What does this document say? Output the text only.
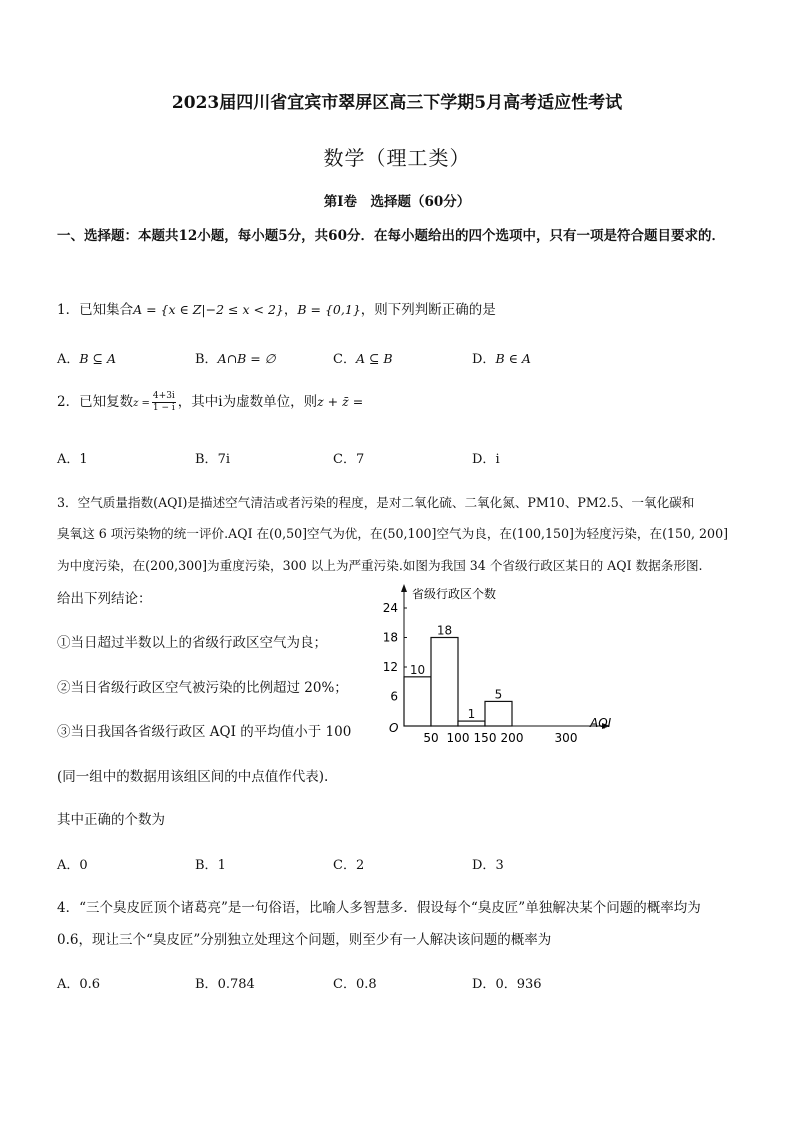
2023届四川省宜宾市翠屏区高三下学期5月高考适应性考试
数学（理工类）
第I卷　选择题（60分）
一、选择题：本题共12小题，每小题5分，共60分．在每小题给出的四个选项中，只有一项是符合题目要求的．
1．已知集合A = {x ∈ Z|−2 ≤ x < 2}，B = {0,1}，则下列判断正确的是
A．B ⊆ A	B．A∩B = ∅	C．A ⊆ B	D．B ∈ A
2．已知复数$z = \frac{4+3i}{1 - i}$ ，其中i为虚数单位，则z + z̄ =
A．1	B．7i	C．7	D．i
3．空气质量指数(AQI)是描述空气清洁或者污染的程度，是对二氧化硫、二氧化氮、PM10、PM2.5、一氧化碳和
臭氧这 6 项污染物的统一评价.AQI 在(0,50]空气为优，在(50,100]空气为良，在(100,150]为轻度污染，在(150, 200]
为中度污染，在(200,300]为重度污染，300 以上为严重污染.如图为我国 34 个省级行政区某日的 AQI 数据条形图.
给出下列结论：
①当日超过半数以上的省级行政区空气为良；
②当日省级行政区空气被污染的比例超过 20%；
③当日我国各省级行政区 AQI 的平均值小于 100
(同一组中的数据用该组区间的中点值作代表).
其中正确的个数为
A．0	B．1	C．2	D．3
省级行政区个数
AQI
O
6
12
18
24
50 100 150 200	300
10
18
1
5
4．“三个臭皮匠顶个诸葛亮”是一句俗语，比喻人多智慧多．假设每个“臭皮匠”单独解决某个问题的概率均为
0.6，现让三个“臭皮匠”分别独立处理这个问题，则至少有一人解决该问题的概率为
A．0.6	B．0.784	C．0.8	D．0．936
